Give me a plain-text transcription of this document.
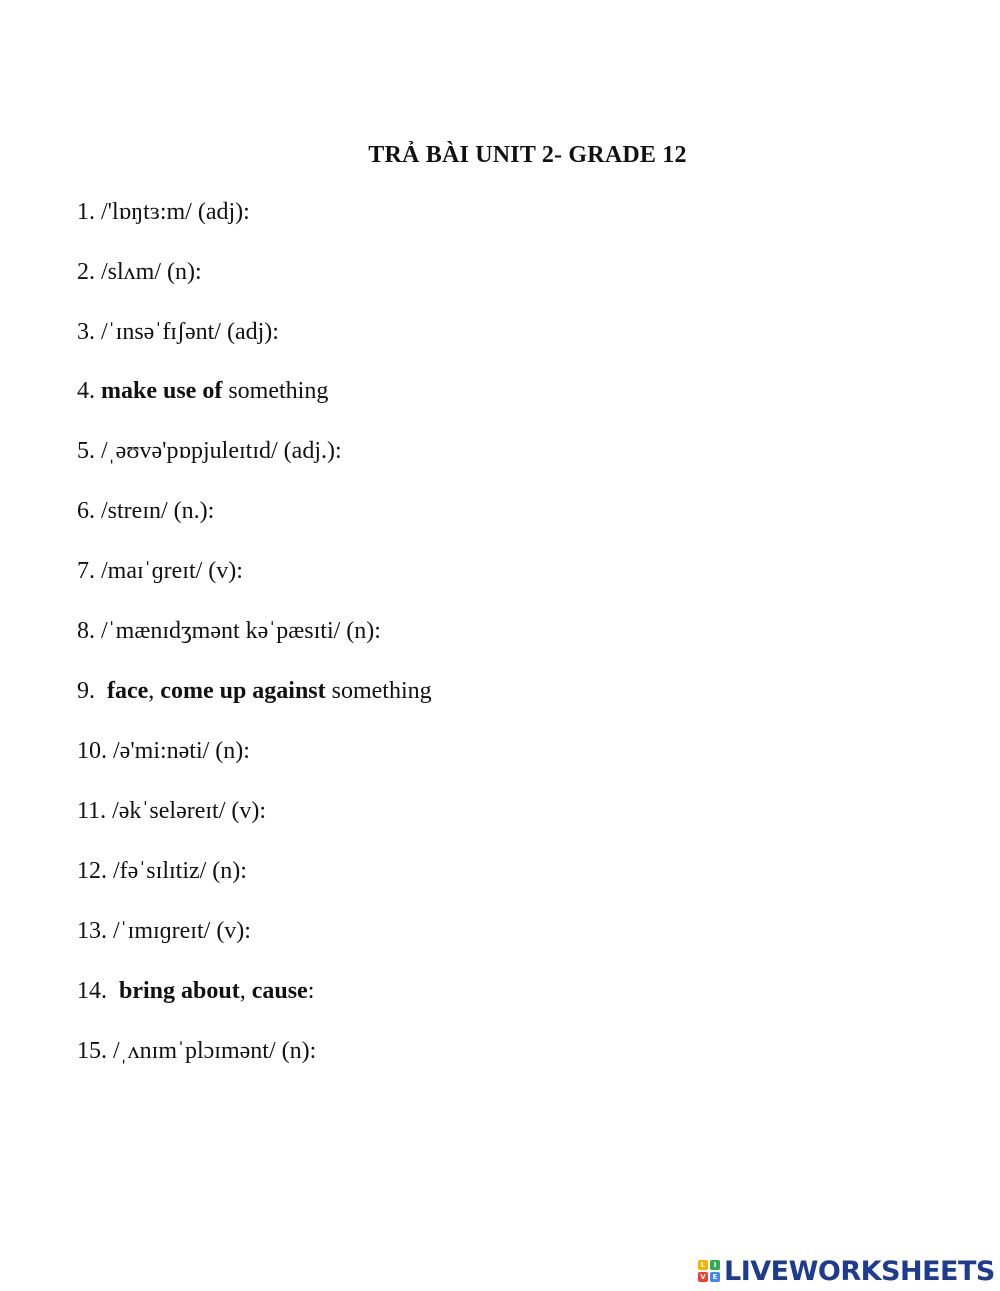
TRẢ BÀI UNIT 2- GRADE 12
1. /'lɒŋtɜ:m/ (adj):
2. /slʌm/ (n):
3. /ˈɪnsəˈfɪʃənt/ (adj):
4. make use of something
5. /ˌəʊvə'pɒpjuleɪtɪd/ (adj.):
6. /streɪn/ (n.):
7. /maɪˈɡreɪt/ (v):
8. /ˈmænɪdʒmənt kəˈpæsɪti/ (n):
9. face, come up against something
10. /ə'mi:nəti/ (n):
11. /əkˈseləreɪt/ (v):
12. /fəˈsɪlɪtiz/ (n):
13. /ˈɪmɪɡreɪt/ (v):
14. bring about, cause:
15. /ˌʌnɪmˈplɔɪmənt/ (n):
L	I
V E LIVEWORKSHEETS
